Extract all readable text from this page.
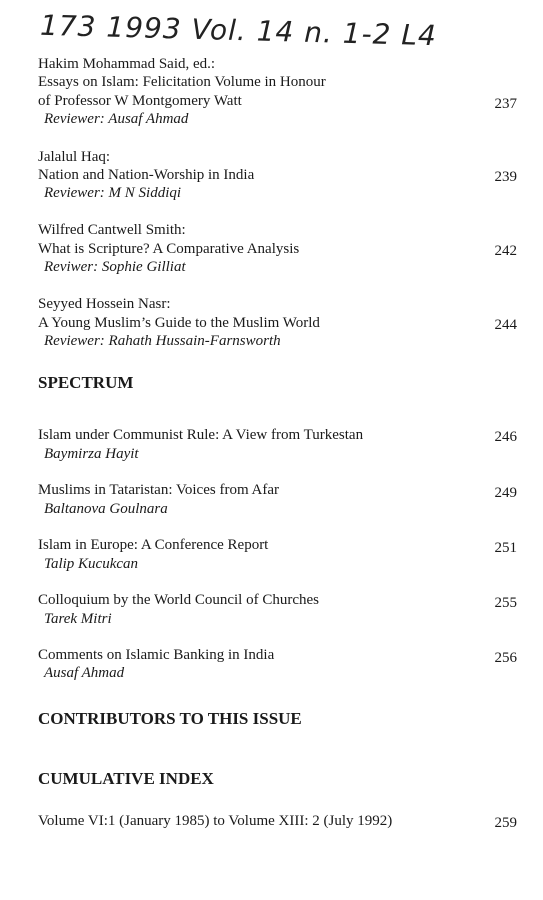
173 1993 Vol. 14 n. 1-2 L4
Hakim Mohammad Said, ed.:
Essays on Islam: Felicitation Volume in Honour
of Professor W Montgomery Watt
Reviewer: Ausaf Ahmad
237
Jalalul Haq:
Nation and Nation-Worship in India
Reviewer: M N Siddiqi
239
Wilfred Cantwell Smith:
What is Scripture? A Comparative Analysis
Reviwer: Sophie Gilliat
242
Seyyed Hossein Nasr:
A Young Muslim’s Guide to the Muslim World
Reviewer: Rahath Hussain-Farnsworth
244
SPECTRUM
Islam under Communist Rule: A View from Turkestan
Baymirza Hayit
246
Muslims in Tataristan: Voices from Afar
Baltanova Goulnara
249
Islam in Europe: A Conference Report
Talip Kucukcan
251
Colloquium by the World Council of Churches
Tarek Mitri
255
Comments on Islamic Banking in India
Ausaf Ahmad
256
CONTRIBUTORS TO THIS ISSUE
CUMULATIVE INDEX
Volume VI:1 (January 1985) to Volume XIII: 2 (July 1992)	259
